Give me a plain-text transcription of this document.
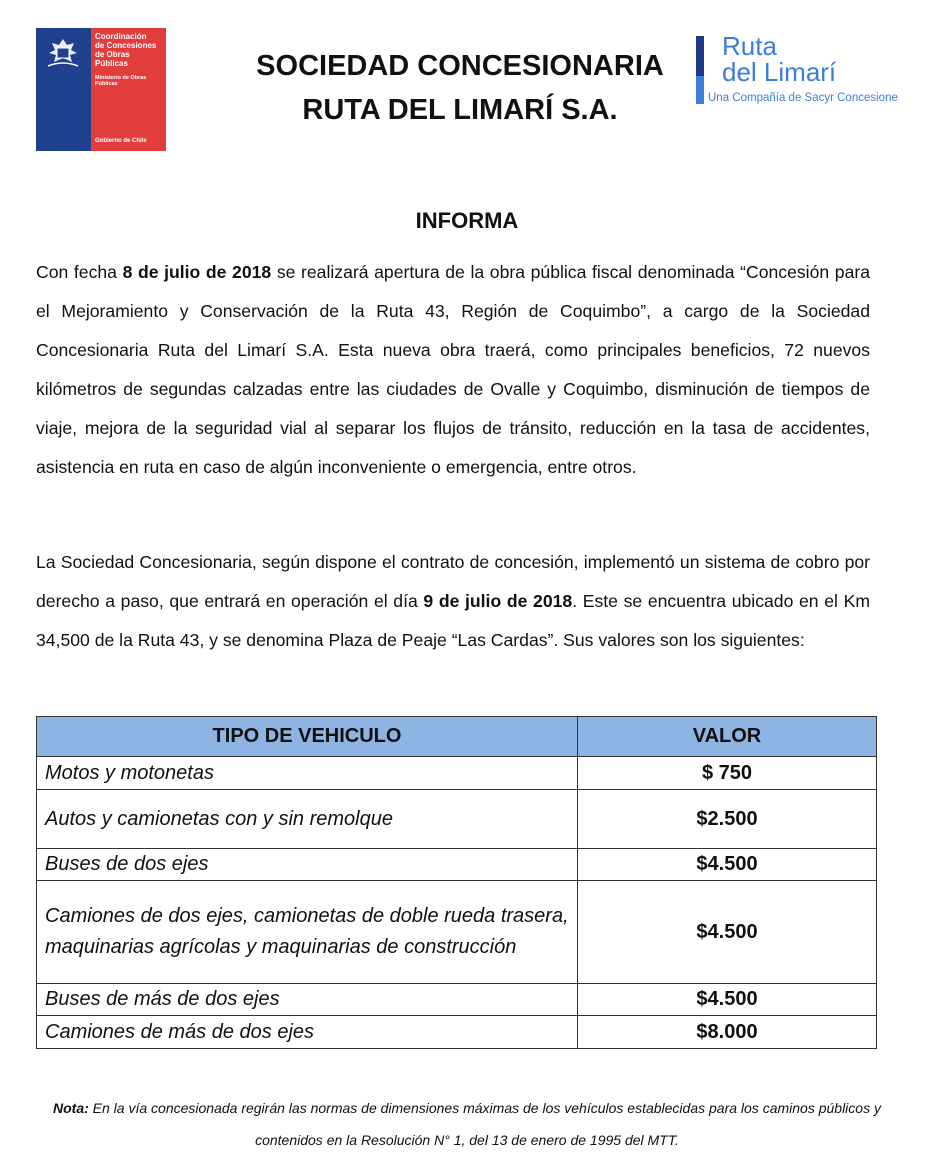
Coordinación
de Concesiones
de Obras
Públicas
Ministerio de Obras
Públicas
Gobierno de Chile
SOCIEDAD CONCESIONARIA
RUTA DEL LIMARÍ S.A.
Ruta
del Limarí
Una Compañía de Sacyr Concesione
INFORMA

Con fecha 8 de julio de 2018 se realizará apertura de la obra pública fiscal denominada “Concesión para el Mejoramiento y Conservación de la Ruta 43, Región de Coquimbo”, a cargo de la Sociedad Concesionaria Ruta del Limarí S.A. Esta nueva obra traerá, como principales beneficios, 72 nuevos kilómetros de segundas calzadas entre las ciudades de Ovalle y Coquimbo, disminución de tiempos de viaje, mejora de la seguridad vial al separar los flujos de tránsito, reducción en la tasa de accidentes, asistencia en ruta en caso de algún inconveniente o emergencia, entre otros.

La Sociedad Concesionaria, según dispone el contrato de concesión, implementó un sistema de cobro por derecho a paso, que entrará en operación el día 9 de julio de 2018. Este se encuentra ubicado en el Km 34,500 de la Ruta 43, y se denomina Plaza de Peaje “Las Cardas”. Sus valores son los siguientes:

TIPO DE VEHICULO	VALOR
Motos y motonetas	$ 750
Autos y camionetas con y sin remolque	$2.500
Buses de dos ejes	$4.500
Camiones de dos ejes, camionetas de doble rueda trasera, maquinarias agrícolas y maquinarias de construcción	$4.500
Buses de más de dos ejes	$4.500
Camiones de más de dos ejes	$8.000
Nota: En la vía concesionada regirán las normas de dimensiones máximas de los vehículos establecidas para los caminos públicos y contenidos en la Resolución N° 1, del 13 de enero de 1995 del MTT.
